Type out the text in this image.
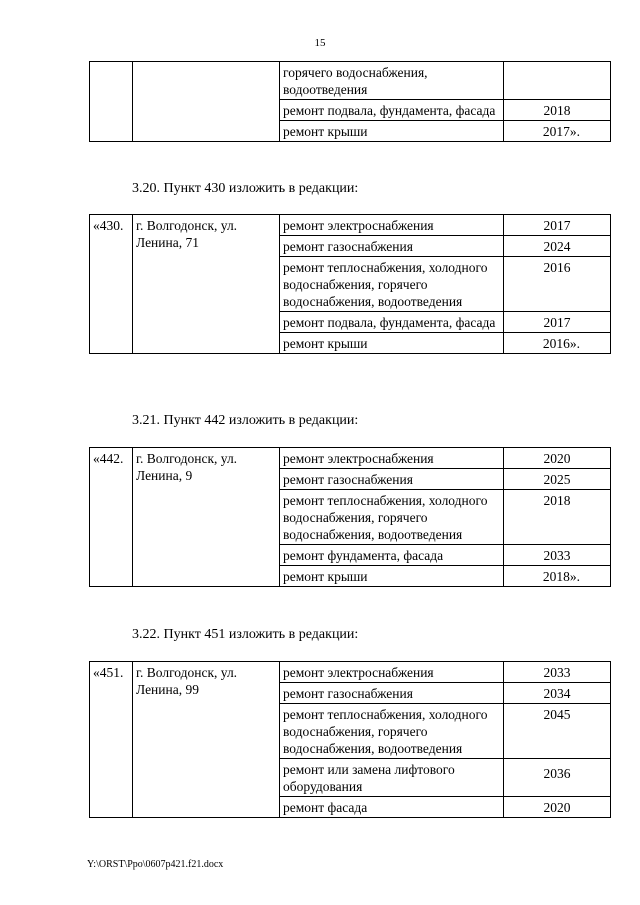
15
		горячего водоснабжения, водоотведения	
		ремонт подвала, фундамента, фасада	2018
		ремонт крыши	2017».
3.20. Пункт 430 изложить в редакции:
«430.	г. Волгодонск, ул. Ленина, 71	ремонт электроснабжения	2017
		ремонт газоснабжения	2024
		ремонт теплоснабжения, холодного водоснабжения, горячего водоснабжения, водоотведения	2016
		ремонт подвала, фундамента, фасада	2017
		ремонт крыши	2016».
3.21. Пункт 442 изложить в редакции:
«442.	г. Волгодонск, ул. Ленина, 9	ремонт электроснабжения	2020
		ремонт газоснабжения	2025
		ремонт теплоснабжения, холодного водоснабжения, горячего водоснабжения, водоотведения	2018
		ремонт фундамента, фасада	2033
		ремонт крыши	2018».
3.22. Пункт 451 изложить в редакции:
«451.	г. Волгодонск, ул. Ленина, 99	ремонт электроснабжения	2033
		ремонт газоснабжения	2034
		ремонт теплоснабжения, холодного водоснабжения, горячего водоснабжения, водоотведения	2045
		ремонт или замена лифтового оборудования	2036
		ремонт фасада	2020
Y:\ORST\Ppo\0607p421.f21.docx
